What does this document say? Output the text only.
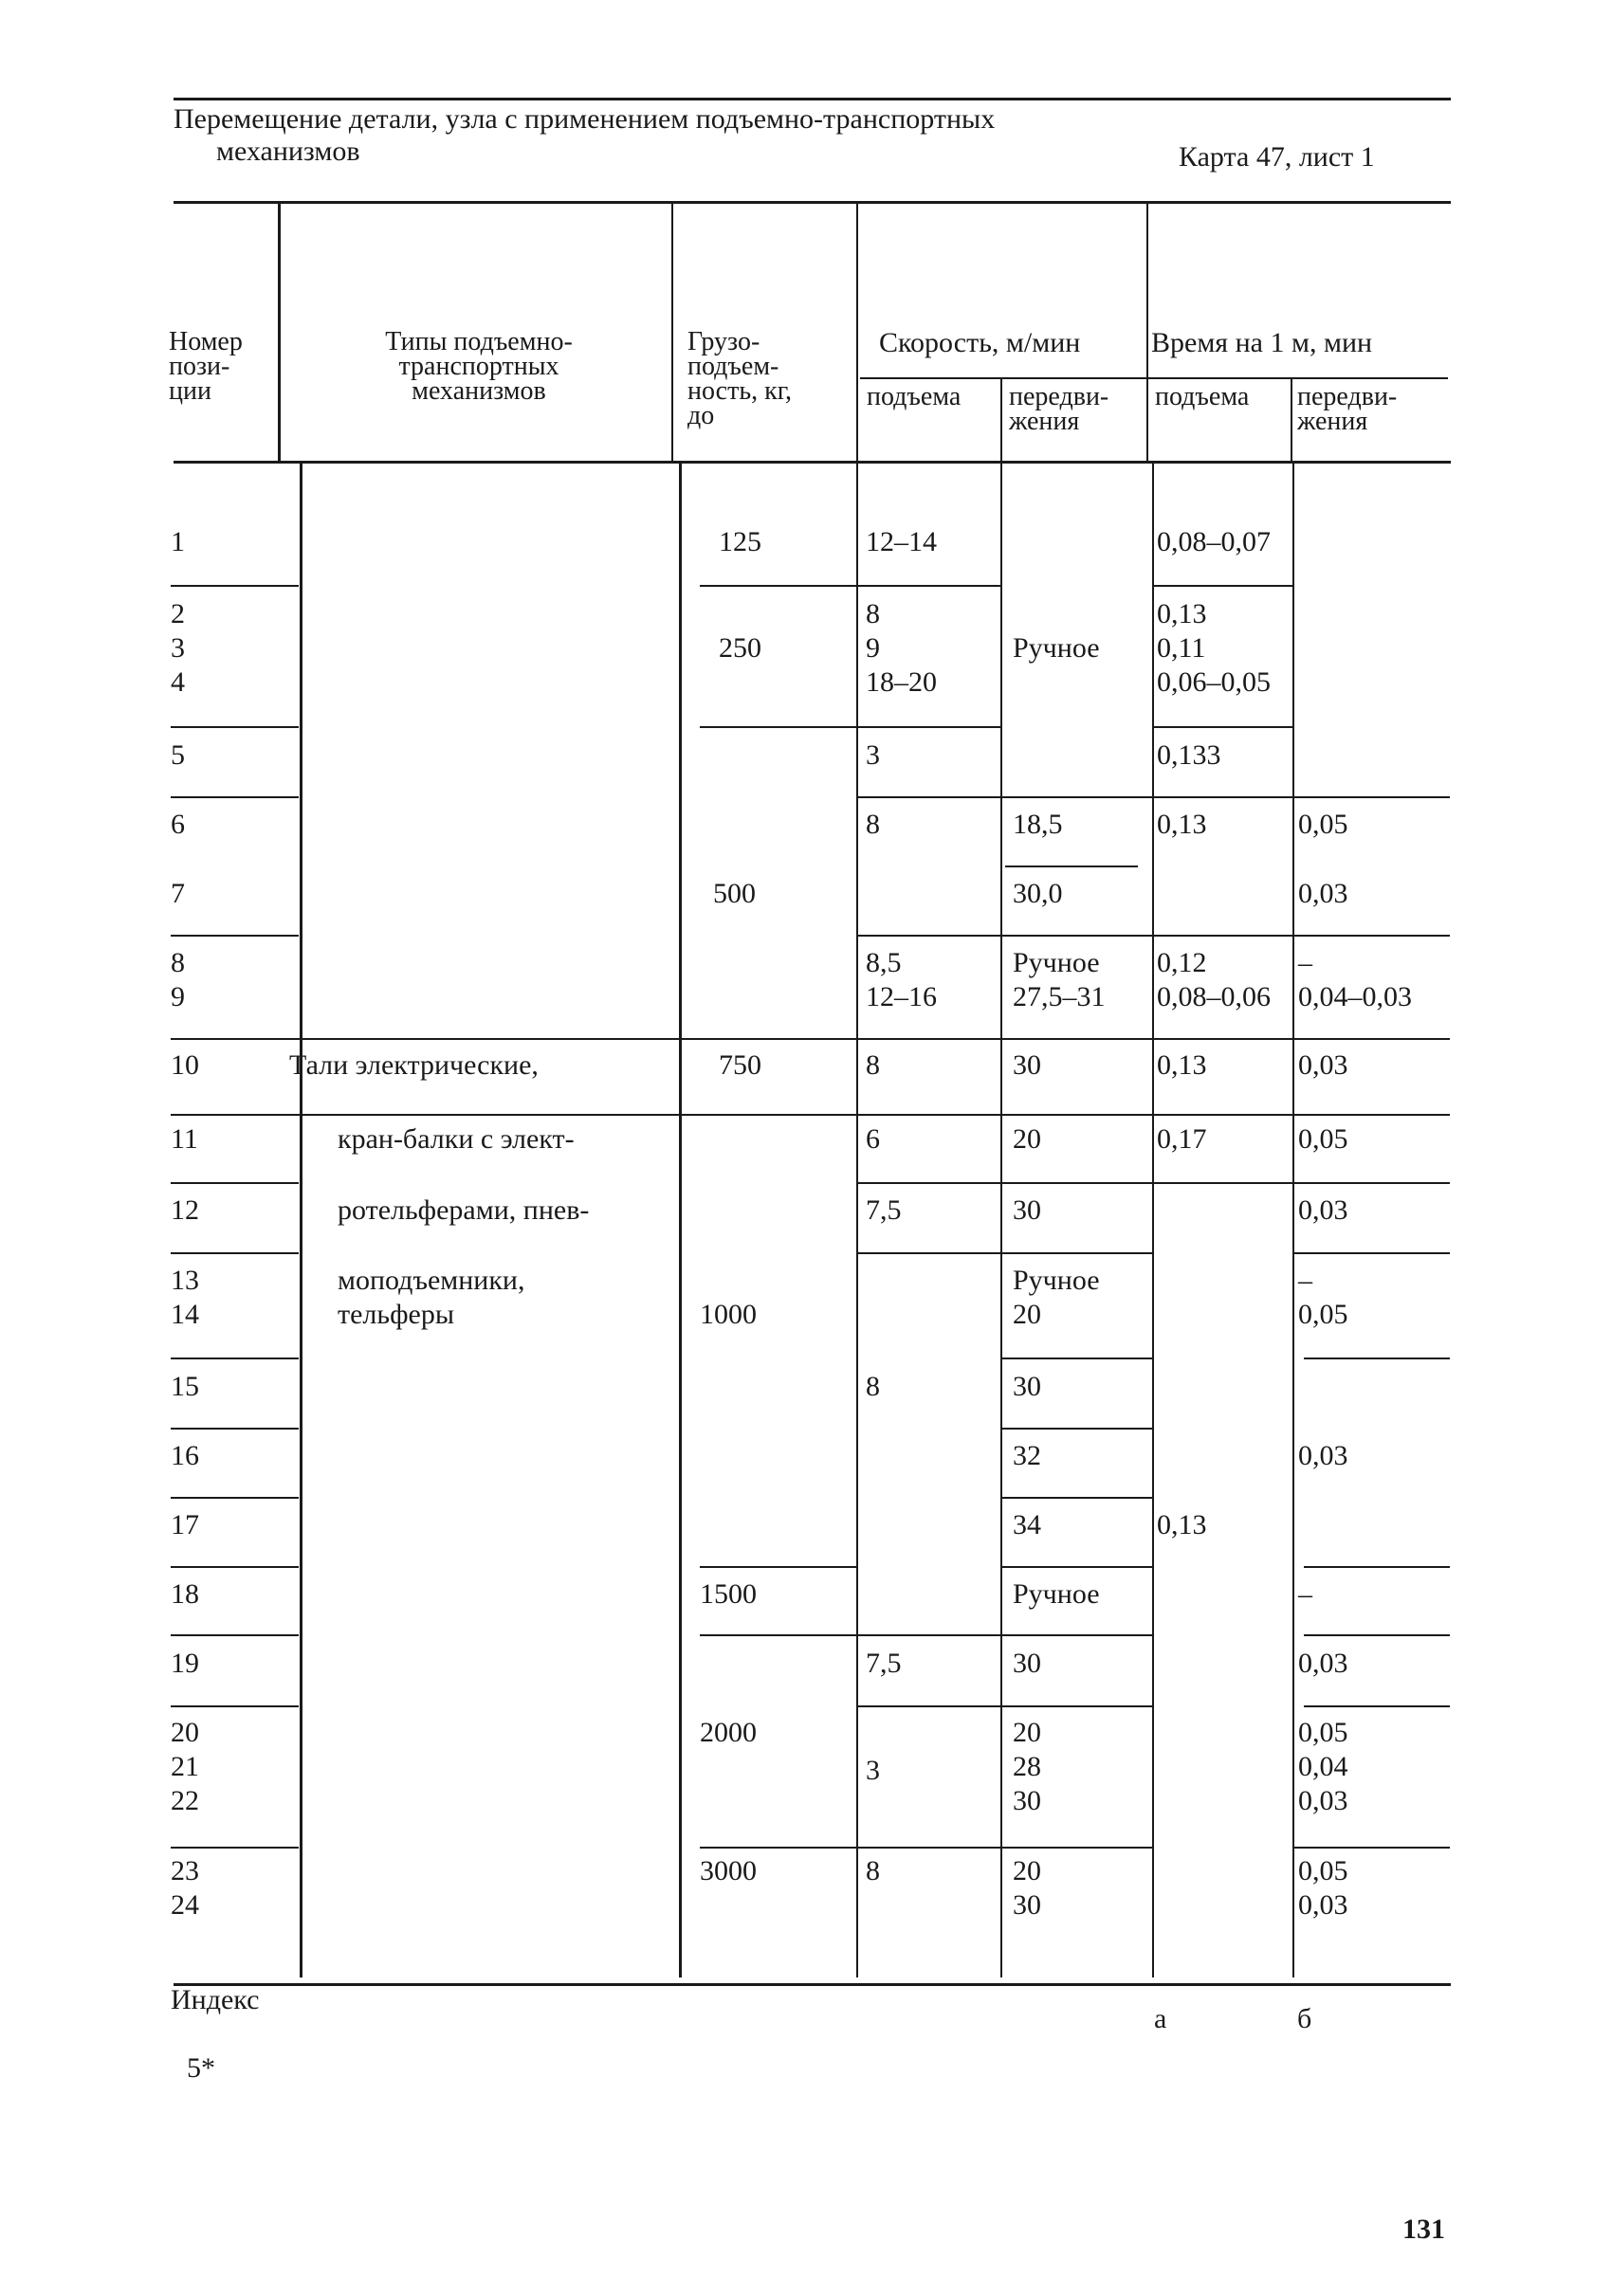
Перемещение детали, узла с применением подъемно-транспортных
механизмов	Карта 47, лист 1
Номер
пози-
ции
Типы подъемно-
транспортных
механизмов
Грузо-
подъем-
ность, кг,
до
Скорость, м/мин
подъема передви-
жения
Время на 1 м, мин
подъема передви-
жения
1
2
3
4
5
6
7
8
9
10
11
12
13
14
15
16
17
18
19
20
21
22
23
24
Тали электрические,
кран-балки с элект-
ротельферами, пнев-
моподъемники,
тельферы
125
250
500
750
1000
1500
2000
3000
12–14
8
9
18–20
3
8
8,5
12–16
8
6
7,5
8
7,5
3
8
Ручное
18,5
30,0
Ручное
27,5–31
30
20
30
Ручное
20
30
32
34
Ручное
30
20
28
30
20
30
0,08–0,07
0,13
0,11
0,06–0,05
0,133
0,13
0,12
0,08–0,06
0,13
0,17
0,13
0,05
0,03
–
0,04–0,03
0,03
0,05
0,03
–
0,05
0,03
–
0,03
0,05
0,04
0,03
0,05
0,03
Индекс
а	б
5*
131
